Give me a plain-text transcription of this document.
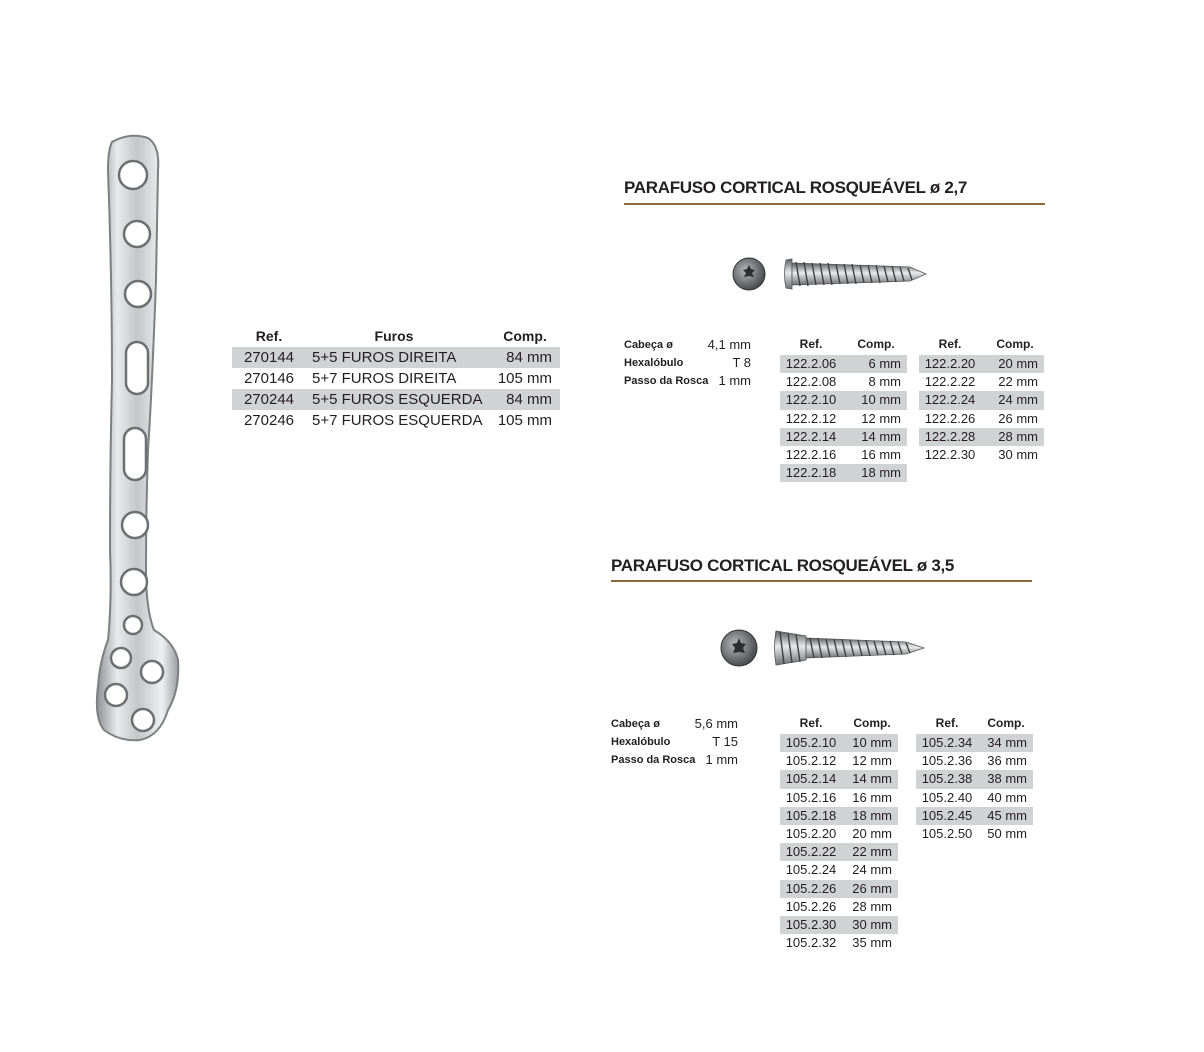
Ref.	Furos	Comp.
270144	5+5 FUROS DIREITA	84 mm
270146	5+7 FUROS DIREITA	105 mm
270244	5+5 FUROS ESQUERDA	84 mm
270246	5+7 FUROS ESQUERDA	105 mm
PARAFUSO CORTICAL ROSQUEÁVEL ø 2,7
Cabeça ø	4,1 mm
Hexalóbulo	T 8
Passo da Rosca 1 mm
Ref.	Comp.
122.2.06	6 mm
122.2.08	8 mm
122.2.10	10 mm
122.2.12	12 mm
122.2.14	14 mm
122.2.16	16 mm
122.2.18	18 mm
Ref.	Comp.
122.2.20	20 mm
122.2.22	22 mm
122.2.24	24 mm
122.2.26	26 mm
122.2.28	28 mm
122.2.30	30 mm
PARAFUSO CORTICAL ROSQUEÁVEL ø 3,5
Cabeça ø	5,6 mm
Hexalóbulo	T 15
Passo da Rosca 1 mm
Ref.	Comp.
105.2.10	10 mm
105.2.12	12 mm
105.2.14	14 mm
105.2.16	16 mm
105.2.18	18 mm
105.2.20	20 mm
105.2.22	22 mm
105.2.24	24 mm
105.2.26	26 mm
105.2.26	28 mm
105.2.30	30 mm
105.2.32	35 mm
Ref.	Comp.
105.2.34	34 mm
105.2.36	36 mm
105.2.38	38 mm
105.2.40	40 mm
105.2.45	45 mm
105.2.50	50 mm
